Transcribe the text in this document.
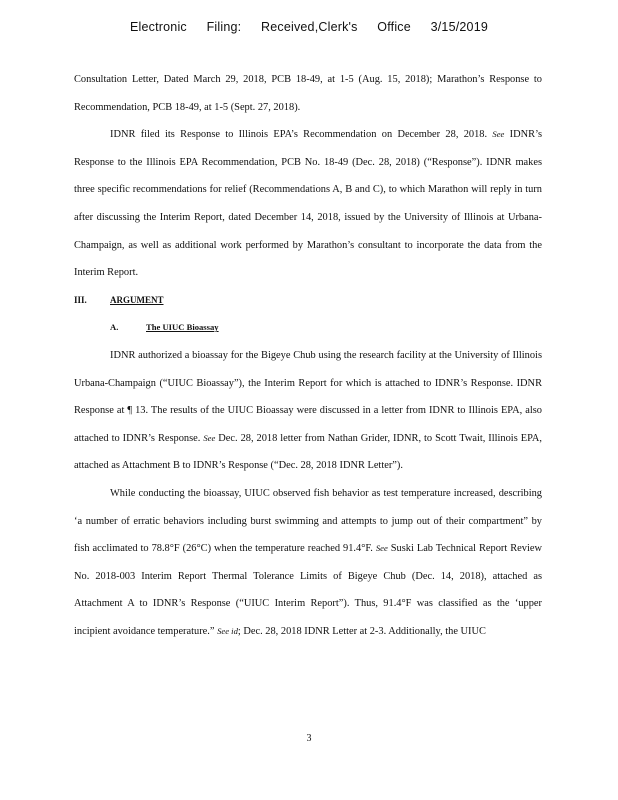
Electronic Filing: Received,Clerk's Office 3/15/2019

Consultation Letter, Dated March 29, 2018, PCB 18-49, at 1-5 (Aug. 15, 2018); Marathon’s Response to Recommendation, PCB 18-49, at 1-5 (Sept. 27, 2018).

IDNR filed its Response to Illinois EPA’s Recommendation on December 28, 2018. See IDNR’s Response to the Illinois EPA Recommendation, PCB No. 18-49 (Dec. 28, 2018) (“Response”). IDNR makes three specific recommendations for relief (Recommendations A, B and C), to which Marathon will reply in turn after discussing the Interim Report, dated December 14, 2018, issued by the University of Illinois at Urbana-Champaign, as well as additional work performed by Marathon’s consultant to incorporate the data from the Interim Report.

III.	ARGUMENT
A.	The UIUC Bioassay

IDNR authorized a bioassay for the Bigeye Chub using the research facility at the University of Illinois Urbana-Champaign (“UIUC Bioassay”), the Interim Report for which is attached to IDNR’s Response. IDNR Response at ¶ 13. The results of the UIUC Bioassay were discussed in a letter from IDNR to Illinois EPA, also attached to IDNR’s Response. See Dec. 28, 2018 letter from Nathan Grider, IDNR, to Scott Twait, Illinois EPA, attached as Attachment B to IDNR’s Response (“Dec. 28, 2018 IDNR Letter”).

While conducting the bioassay, UIUC observed fish behavior as test temperature increased, describing ‘a number of erratic behaviors including burst swimming and attempts to jump out of their compartment” by fish acclimated to 78.8°F (26°C) when the temperature reached 91.4°F. See Suski Lab Technical Report Review No. 2018-003 Interim Report Thermal Tolerance Limits of Bigeye Chub (Dec. 14, 2018), attached as Attachment A to IDNR’s Response (“UIUC Interim Report”). Thus, 91.4°F was classified as the ‘upper incipient avoidance temperature.” See id; Dec. 28, 2018 IDNR Letter at 2-3. Additionally, the UIUC

3
